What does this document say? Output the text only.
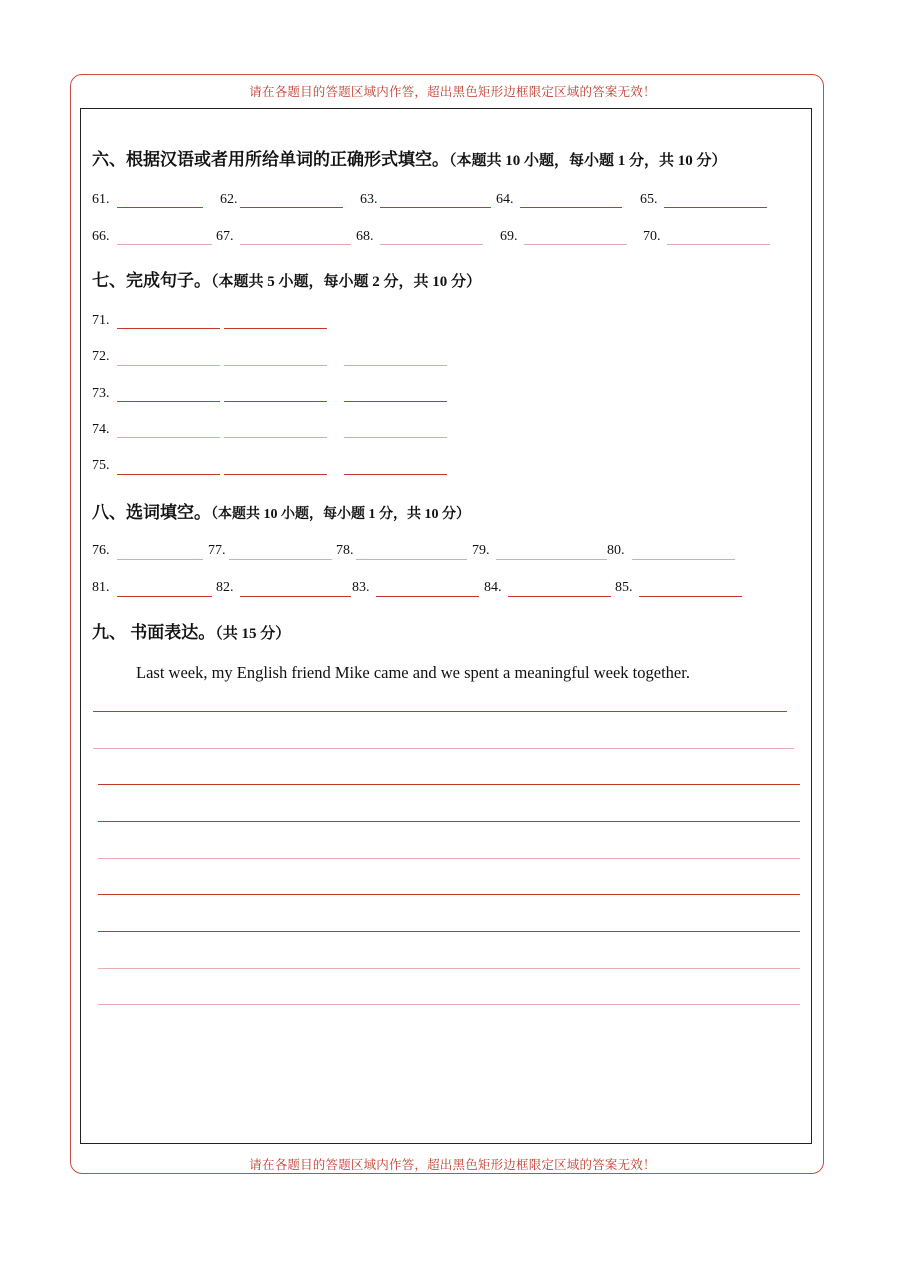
请在各题目的答题区域内作答，超出黑色矩形边框限定区域的答案无效！
请在各题目的答题区域内作答，超出黑色矩形边框限定区域的答案无效！
六、根据汉语或者用所给单词的正确形式填空。（本题共 10 小题，每小题 1 分，共 10 分）
61.	62.	63.	64.	65.
66.	67.	68.	69.	70.
七、完成句子。（本题共 5 小题，每小题 2 分，共 10 分）
71.
72.
73.
74.
75.
八、选词填空。（本题共 10 小题，每小题 1 分，共 10 分）
76.	77.	78.	79.	80.
81.	82.	83.	84.	85.
九、 书面表达。（共 15 分）
Last week, my English friend Mike came and we spent a meaningful week together.
